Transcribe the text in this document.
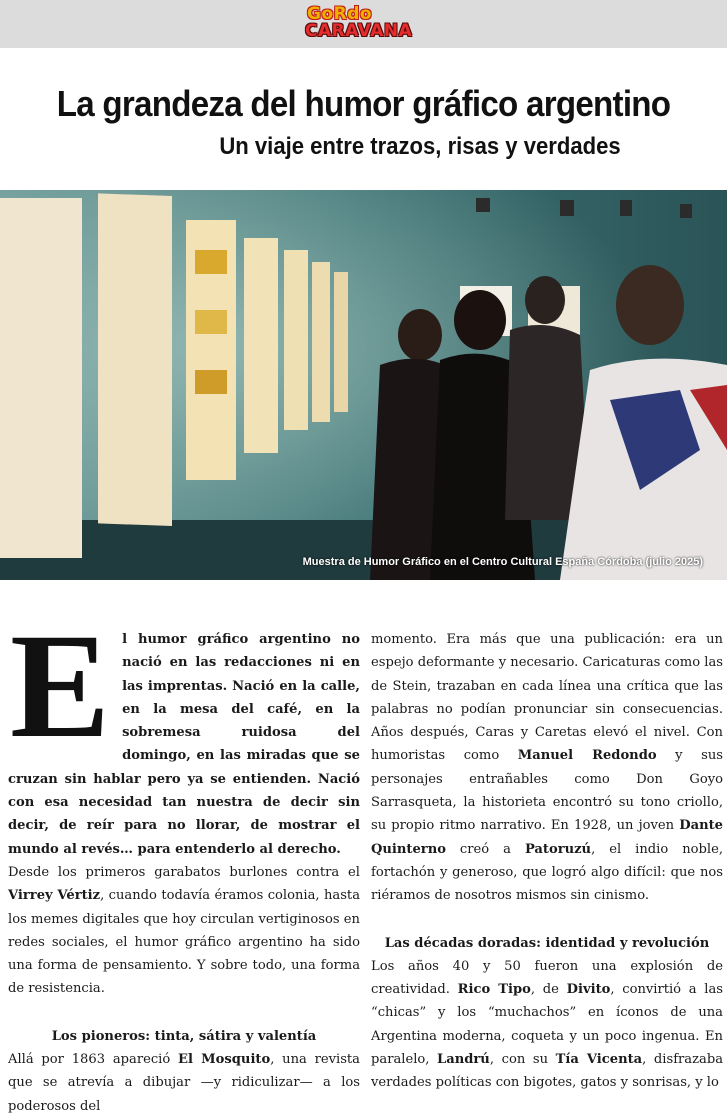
GoRdo
CARAVANA
La grandeza del humor gráfico argentino
Un viaje entre trazos, risas y verdades
Muestra de Humor Gráfico en el Centro Cultural España Córdoba (julio 2025)

El humor gráfico argentino no nació en las redacciones ni en las imprentas. Nació en la calle, en la mesa del café, en la sobremesa ruidosa del domingo, en las miradas que se cruzan sin hablar pero ya se entienden. Nació con esa necesidad tan nuestra de decir sin decir, de reír para no llorar, de mostrar el mundo al revés… para entenderlo al derecho.

Desde los primeros garabatos burlones contra el Virrey Vértiz, cuando todavía éramos colonia, hasta los memes digitales que hoy circulan vertiginosos en redes sociales, el humor gráfico argentino ha sido una forma de pensamiento. Y sobre todo, una forma de resistencia.

Los pioneros: tinta, sátira y valentía

Allá por 1863 apareció El Mosquito, una revista que se atrevía a dibujar —y ridiculizar— a los poderosos del

momento. Era más que una publicación: era un espejo deformante y necesario. Caricaturas como las de Stein, trazaban en cada línea una crítica que las palabras no podían pronunciar sin consecuencias. Años después, Caras y Caretas elevó el nivel. Con humoristas como Manuel Redondo y sus personajes entrañables como Don Goyo Sarrasqueta, la historieta encontró su tono criollo, su propio ritmo narrativo. En 1928, un joven Dante Quinterno creó a Patoruzú, el indio noble, fortachón y generoso, que logró algo difícil: que nos riéramos de nosotros mismos sin cinismo.

Las décadas doradas: identidad y revolución

Los años 40 y 50 fueron una explosión de creatividad. Rico Tipo, de Divito, convirtió a las “chicas” y los “muchachos” en íconos de una Argentina moderna, coqueta y un poco ingenua. En paralelo, Landrú, con su Tía Vicenta, disfrazaba verdades políticas con bigotes, gatos y sonrisas, y lo
